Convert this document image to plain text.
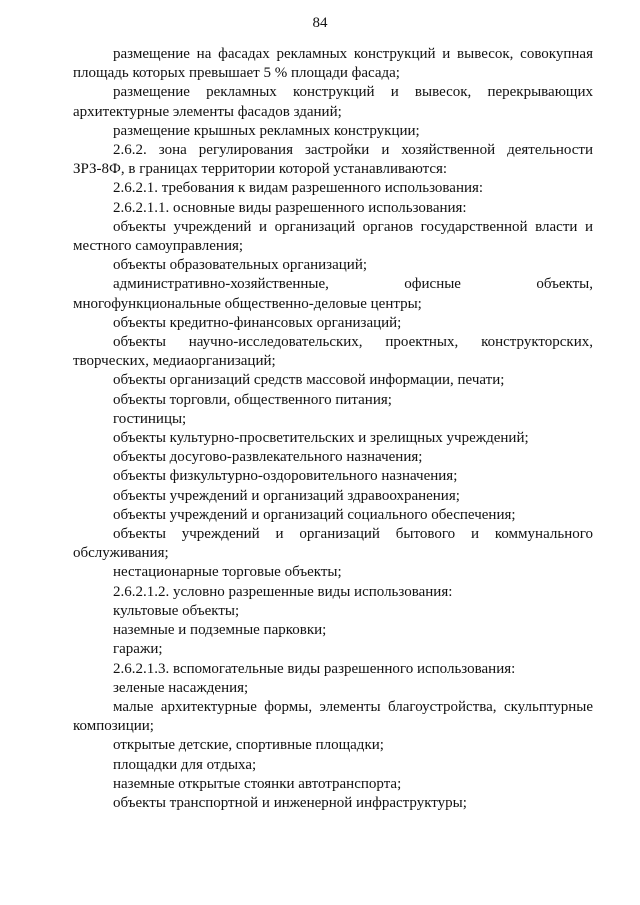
84

размещение на фасадах рекламных конструкций и вывесок, совокупная площадь которых превышает 5 % площади фасада;

размещение рекламных конструкций и вывесок, перекрывающих архитектурные элементы фасадов зданий;

размещение крышных рекламных конструкции;

2.6.2. зона регулирования застройки и хозяйственной деятельности ЗРЗ-8Ф, в границах территории которой устанавливаются:

2.6.2.1. требования к видам разрешенного использования:

2.6.2.1.1. основные виды разрешенного использования:

объекты учреждений и организаций органов государственной власти и местного самоуправления;

объекты образовательных организаций;

административно-хозяйственные, офисные объекты, многофункциональные общественно-деловые центры;

объекты кредитно-финансовых организаций;

объекты научно-исследовательских, проектных, конструкторских, творческих, медиаорганизаций;

объекты организаций средств массовой информации, печати;

объекты торговли, общественного питания;

гостиницы;

объекты культурно-просветительских и зрелищных учреждений;

объекты досугово-развлекательного назначения;

объекты физкультурно-оздоровительного назначения;

объекты учреждений и организаций здравоохранения;

объекты учреждений и организаций социального обеспечения;

объекты учреждений и организаций бытового и коммунального обслуживания;

нестационарные торговые объекты;

2.6.2.1.2. условно разрешенные виды использования:

культовые объекты;

наземные и подземные парковки;

гаражи;

2.6.2.1.3. вспомогательные виды разрешенного использования:

зеленые насаждения;

малые архитектурные формы, элементы благоустройства, скульптурные композиции;

открытые детские, спортивные площадки;

площадки для отдыха;

наземные открытые стоянки автотранспорта;

объекты транспортной и инженерной инфраструктуры;
